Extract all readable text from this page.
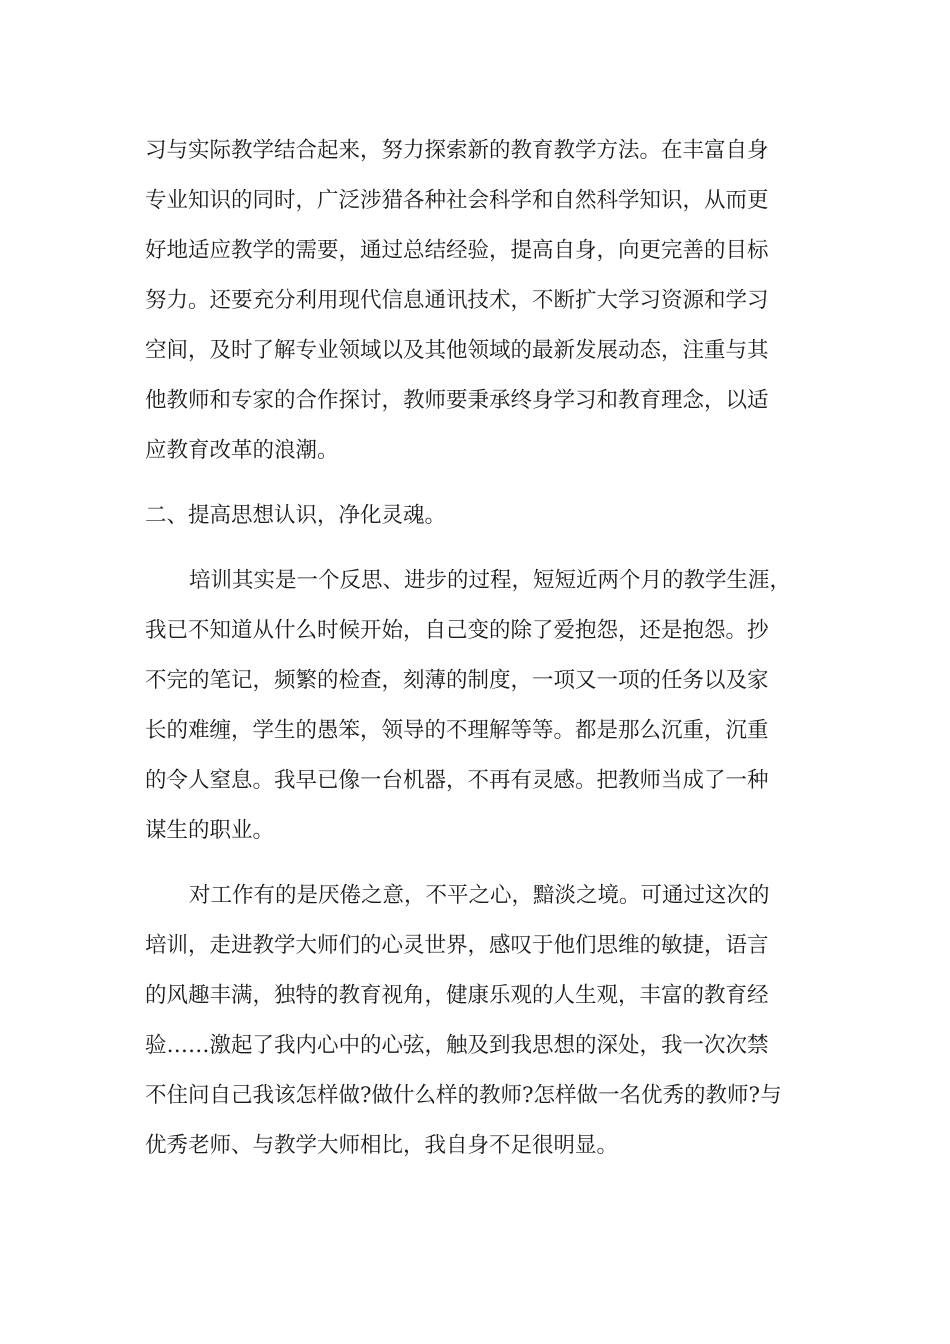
习与实际教学结合起来，努力探索新的教育教学方法。在丰富自身
专业知识的同时，广泛涉猎各种社会科学和自然科学知识，从而更
好地适应教学的需要，通过总结经验，提高自身，向更完善的目标
努力。还要充分利用现代信息通讯技术，不断扩大学习资源和学习
空间，及时了解专业领域以及其他领域的最新发展动态，注重与其
他教师和专家的合作探讨，教师要秉承终身学习和教育理念，以适
应教育改革的浪潮。
二、提高思想认识，净化灵魂。
培训其实是一个反思、进步的过程，短短近两个月的教学生涯，
我已不知道从什么时候开始，自己变的除了爱抱怨，还是抱怨。抄
不完的笔记，频繁的检查，刻薄的制度，一项又一项的任务以及家
长的难缠，学生的愚笨，领导的不理解等等。都是那么沉重，沉重
的令人窒息。我早已像一台机器，不再有灵感。把教师当成了一种
谋生的职业。
对工作有的是厌倦之意，不平之心，黯淡之境。可通过这次的
培训，走进教学大师们的心灵世界，感叹于他们思维的敏捷，语言
的风趣丰满，独特的教育视角，健康乐观的人生观，丰富的教育经
验……激起了我内心中的心弦，触及到我思想的深处，我一次次禁
不住问自己我该怎样做?做什么样的教师?怎样做一名优秀的教师?与
优秀老师、与教学大师相比，我自身不足很明显。
